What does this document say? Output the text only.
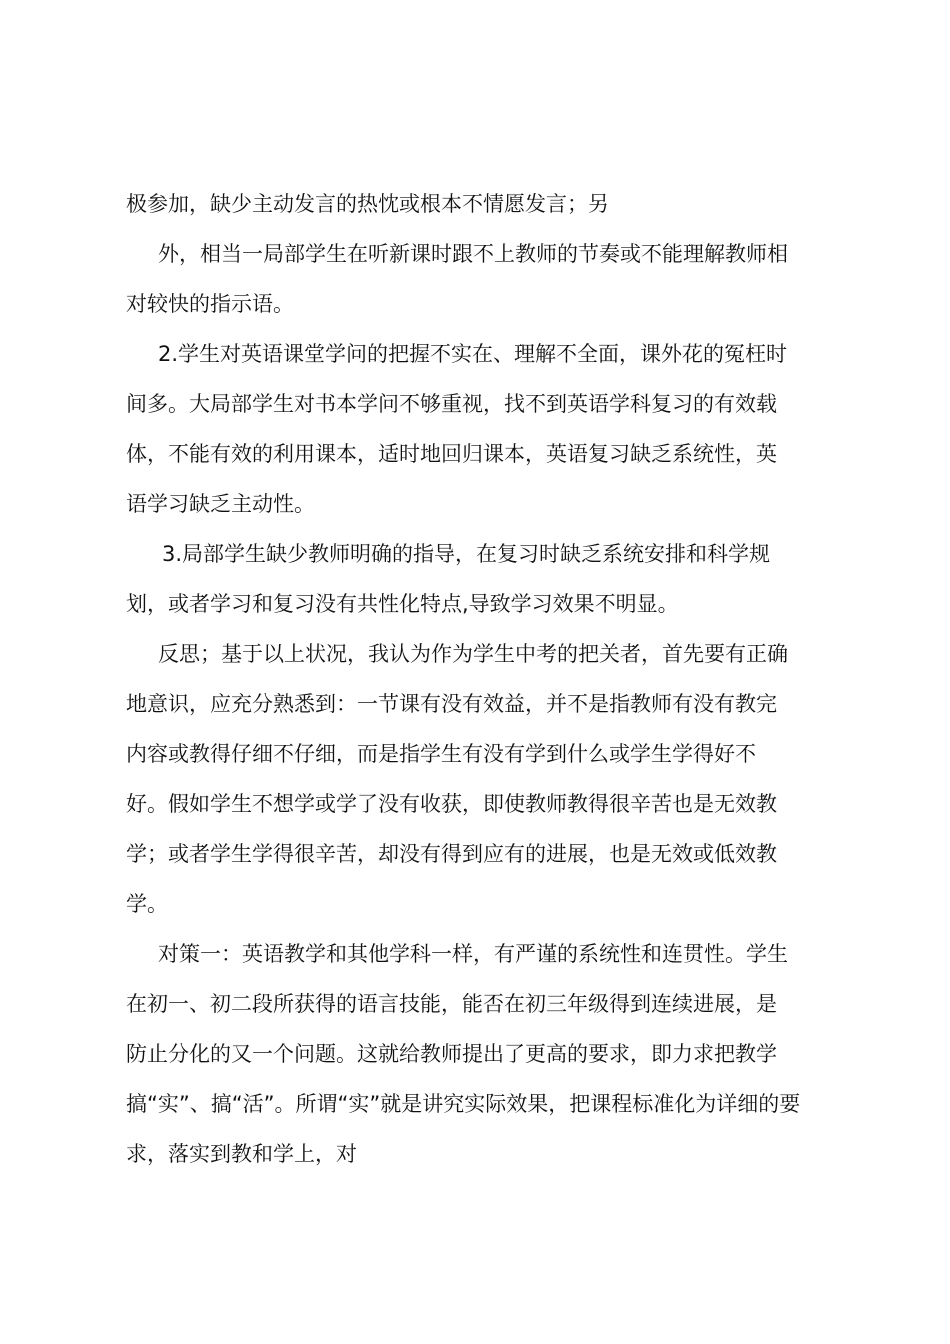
极参加，缺少主动发言的热忱或根本不情愿发言；另
外，相当一局部学生在听新课时跟不上教师的节奏或不能理解教师相
对较快的指示语。
2.学生对英语课堂学问的把握不实在、理解不全面，课外花的冤枉时
间多。大局部学生对书本学问不够重视，找不到英语学科复习的有效载
体，不能有效的利用课本，适时地回归课本，英语复习缺乏系统性，英
语学习缺乏主动性。
3.局部学生缺少教师明确的指导，在复习时缺乏系统安排和科学规
划，或者学习和复习没有共性化特点,导致学习效果不明显。
反思；基于以上状况，我认为作为学生中考的把关者，首先要有正确
地意识，应充分熟悉到：一节课有没有效益，并不是指教师有没有教完
内容或教得仔细不仔细，而是指学生有没有学到什么或学生学得好不
好。假如学生不想学或学了没有收获，即使教师教得很辛苦也是无效教
学；或者学生学得很辛苦，却没有得到应有的进展，也是无效或低效教
学。
对策一：英语教学和其他学科一样，有严谨的系统性和连贯性。学生
在初一、初二段所获得的语言技能，能否在初三年级得到连续进展，是
防止分化的又一个问题。这就给教师提出了更高的要求，即力求把教学
搞“实”、搞“活”。所谓“实”就是讲究实际效果，把课程标准化为详细的要
求，落实到教和学上，对
